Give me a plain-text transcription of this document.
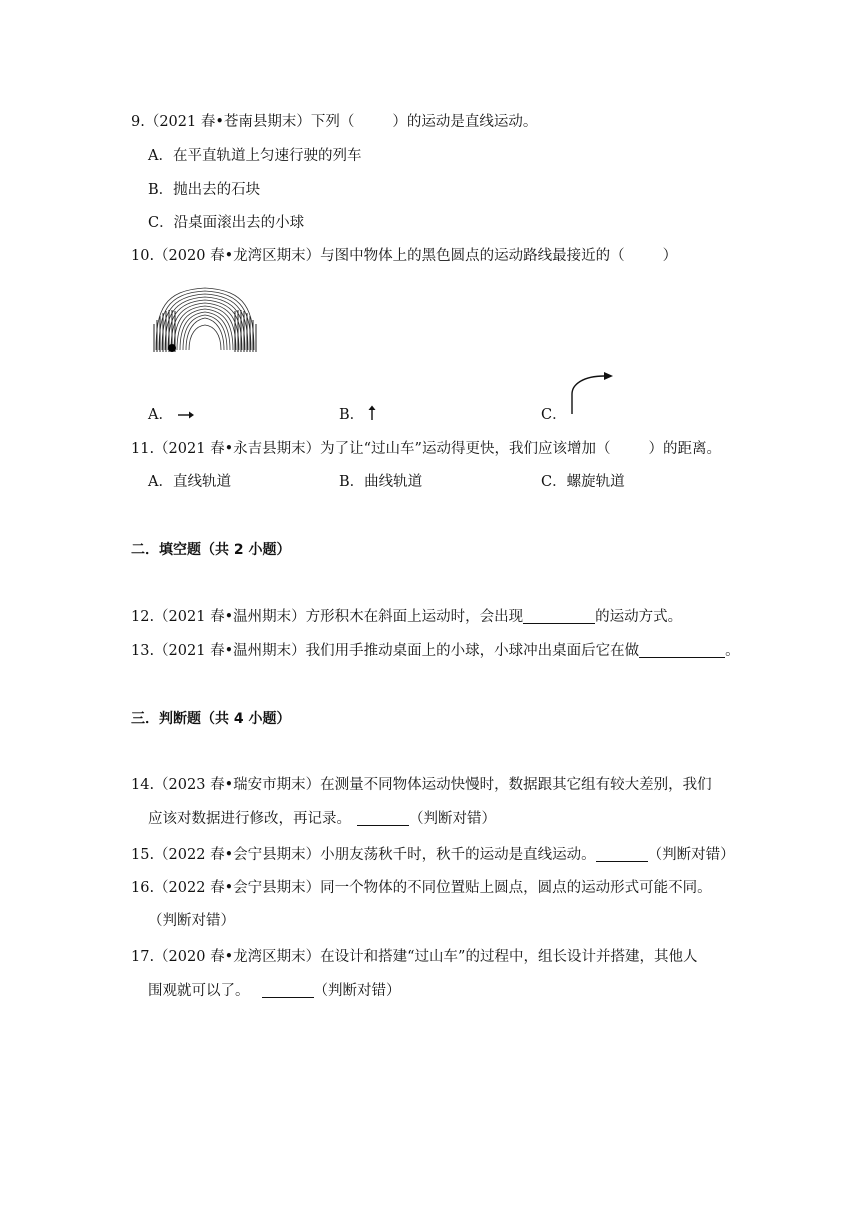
9.（2021 春•苍南县期末）下列（	）的运动是直线运动。
A．在平直轨道上匀速行驶的列车
B．抛出去的石块
C．沿桌面滚出去的小球
10.（2020 春•龙湾区期末）与图中物体上的黑色圆点的运动路线最接近的（	）
A．	B．	C．
11.（2021 春•永吉县期末）为了让“过山车”运动得更快，我们应该增加（	）的距离。
A．直线轨道	B．曲线轨道	C．螺旋轨道
二．填空题（共 2 小题）
12.（2021 春•温州期末）方形积木在斜面上运动时，会出现	的运动方式。
13.（2021 春•温州期末）我们用手推动桌面上的小球，小球冲出桌面后它在做	。
三．判断题（共 4 小题）
14.（2023 春•瑞安市期末）在测量不同物体运动快慢时，数据跟其它组有较大差别，我们
应该对数据进行修改，再记录。	（判断对错）
15.（2022 春•会宁县期末）小朋友荡秋千时，秋千的运动是直线运动。	（判断对错）
16.（2022 春•会宁县期末）同一个物体的不同位置贴上圆点，圆点的运动形式可能不同。
（判断对错）
17.（2020 春•龙湾区期末）在设计和搭建“过山车”的过程中，组长设计并搭建，其他人
围观就可以了。	（判断对错）
